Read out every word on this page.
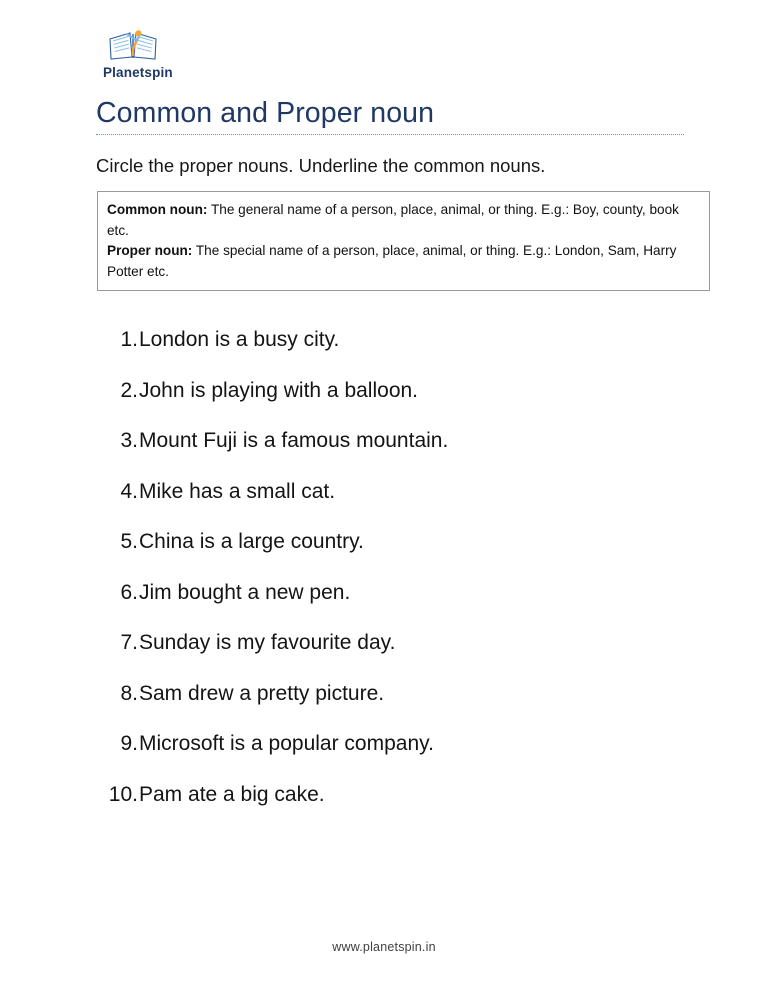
Planetspin
Common and Proper noun
Circle the proper nouns. Underline the common nouns.
Common noun: The general name of a person, place, animal, or thing. E.g.: Boy, county, book etc.
Proper noun: The special name of a person, place, animal, or thing. E.g.: London, Sam, Harry Potter etc.
1. London is a busy city.
2. John is playing with a balloon.
3. Mount Fuji is a famous mountain.
4. Mike has a small cat.
5. China is a large country.
6. Jim bought a new pen.
7. Sunday is my favourite day.
8. Sam drew a pretty picture.
9. Microsoft is a popular company.
10. Pam ate a big cake.
www.planetspin.in
